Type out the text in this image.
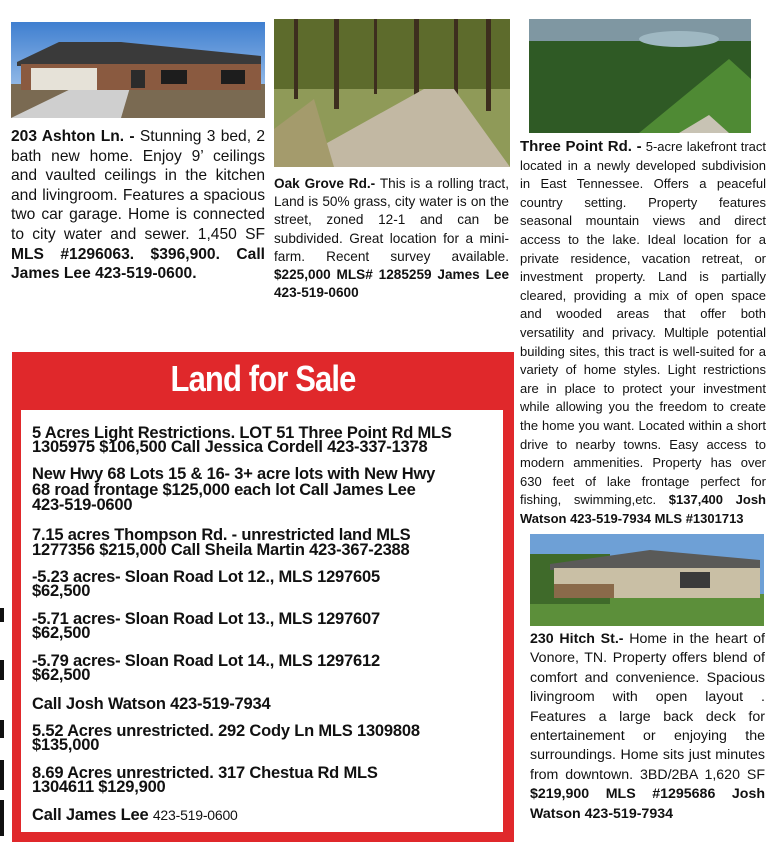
203 Ashton Ln. - Stunning 3 bed, 2 bath new home. Enjoy 9’ ceilings and vaulted ceilings in the kitchen and livingroom. Features a spacious two car garage. Home is connected to city water and sewer. 1,450 SF MLS #1296063. $396,900. Call James Lee 423-519-0600.
Oak Grove Rd.- This is a rolling tract, Land is 50% grass, city water is on the street, zoned 12-1 and can be subdivided. Great location for a mini-farm. Recent survey available. $225,000 MLS# 1285259 James Lee 423-519-0600
Three Point Rd. - 5-acre lakefront tract located in a newly developed subdivision in East Tennessee. Offers a peaceful country setting. Property features seasonal mountain views and direct access to the lake. Ideal location for a private residence, vacation retreat, or investment property. Land is partially cleared, providing a mix of open space and wooded areas that offer both versatility and privacy. Multiple potential building sites, this tract is well-suited for a variety of home styles. Light restrictions are in place to protect your investment while allowing you the freedom to create the home you want. Located within a short drive to nearby towns. Easy access to modern ammenities. Property has over 630 feet of lake frontage perfect for fishing, swimming,etc. $137,400 Josh Watson 423-519-7934 MLS #1301713
230 Hitch St.- Home in the heart of Vonore, TN. Property offers blend of comfort and convenience. Spacious livingroom with open layout . Features a large back deck for entertainement or enjoying the surroundings. Home sits just minutes from downtown. 3BD/2BA 1,620 SF $219,900 MLS #1295686 Josh Watson 423-519-7934
Land for Sale
5 Acres Light Restrictions. LOT 51 Three Point Rd MLS
1305975 $106,500 Call Jessica Cordell 423-337-1378
New Hwy 68 Lots 15 & 16- 3+ acre lots with New Hwy
68 road frontage $125,000 each lot Call James Lee
423-519-0600
7.15 acres Thompson Rd. - unrestricted land MLS
1277356 $215,000 Call Sheila Martin 423-367-2388
-5.23 acres- Sloan Road Lot 12., MLS 1297605
$62,500
-5.71 acres- Sloan Road Lot 13., MLS 1297607
$62,500
-5.79 acres- Sloan Road Lot 14., MLS 1297612
$62,500
Call Josh Watson 423-519-7934
5.52 Acres unrestricted. 292 Cody Ln MLS 1309808
$135,000
8.69 Acres unrestricted. 317 Chestua Rd MLS
1304611 $129,900
Call James Lee 423-519-0600
